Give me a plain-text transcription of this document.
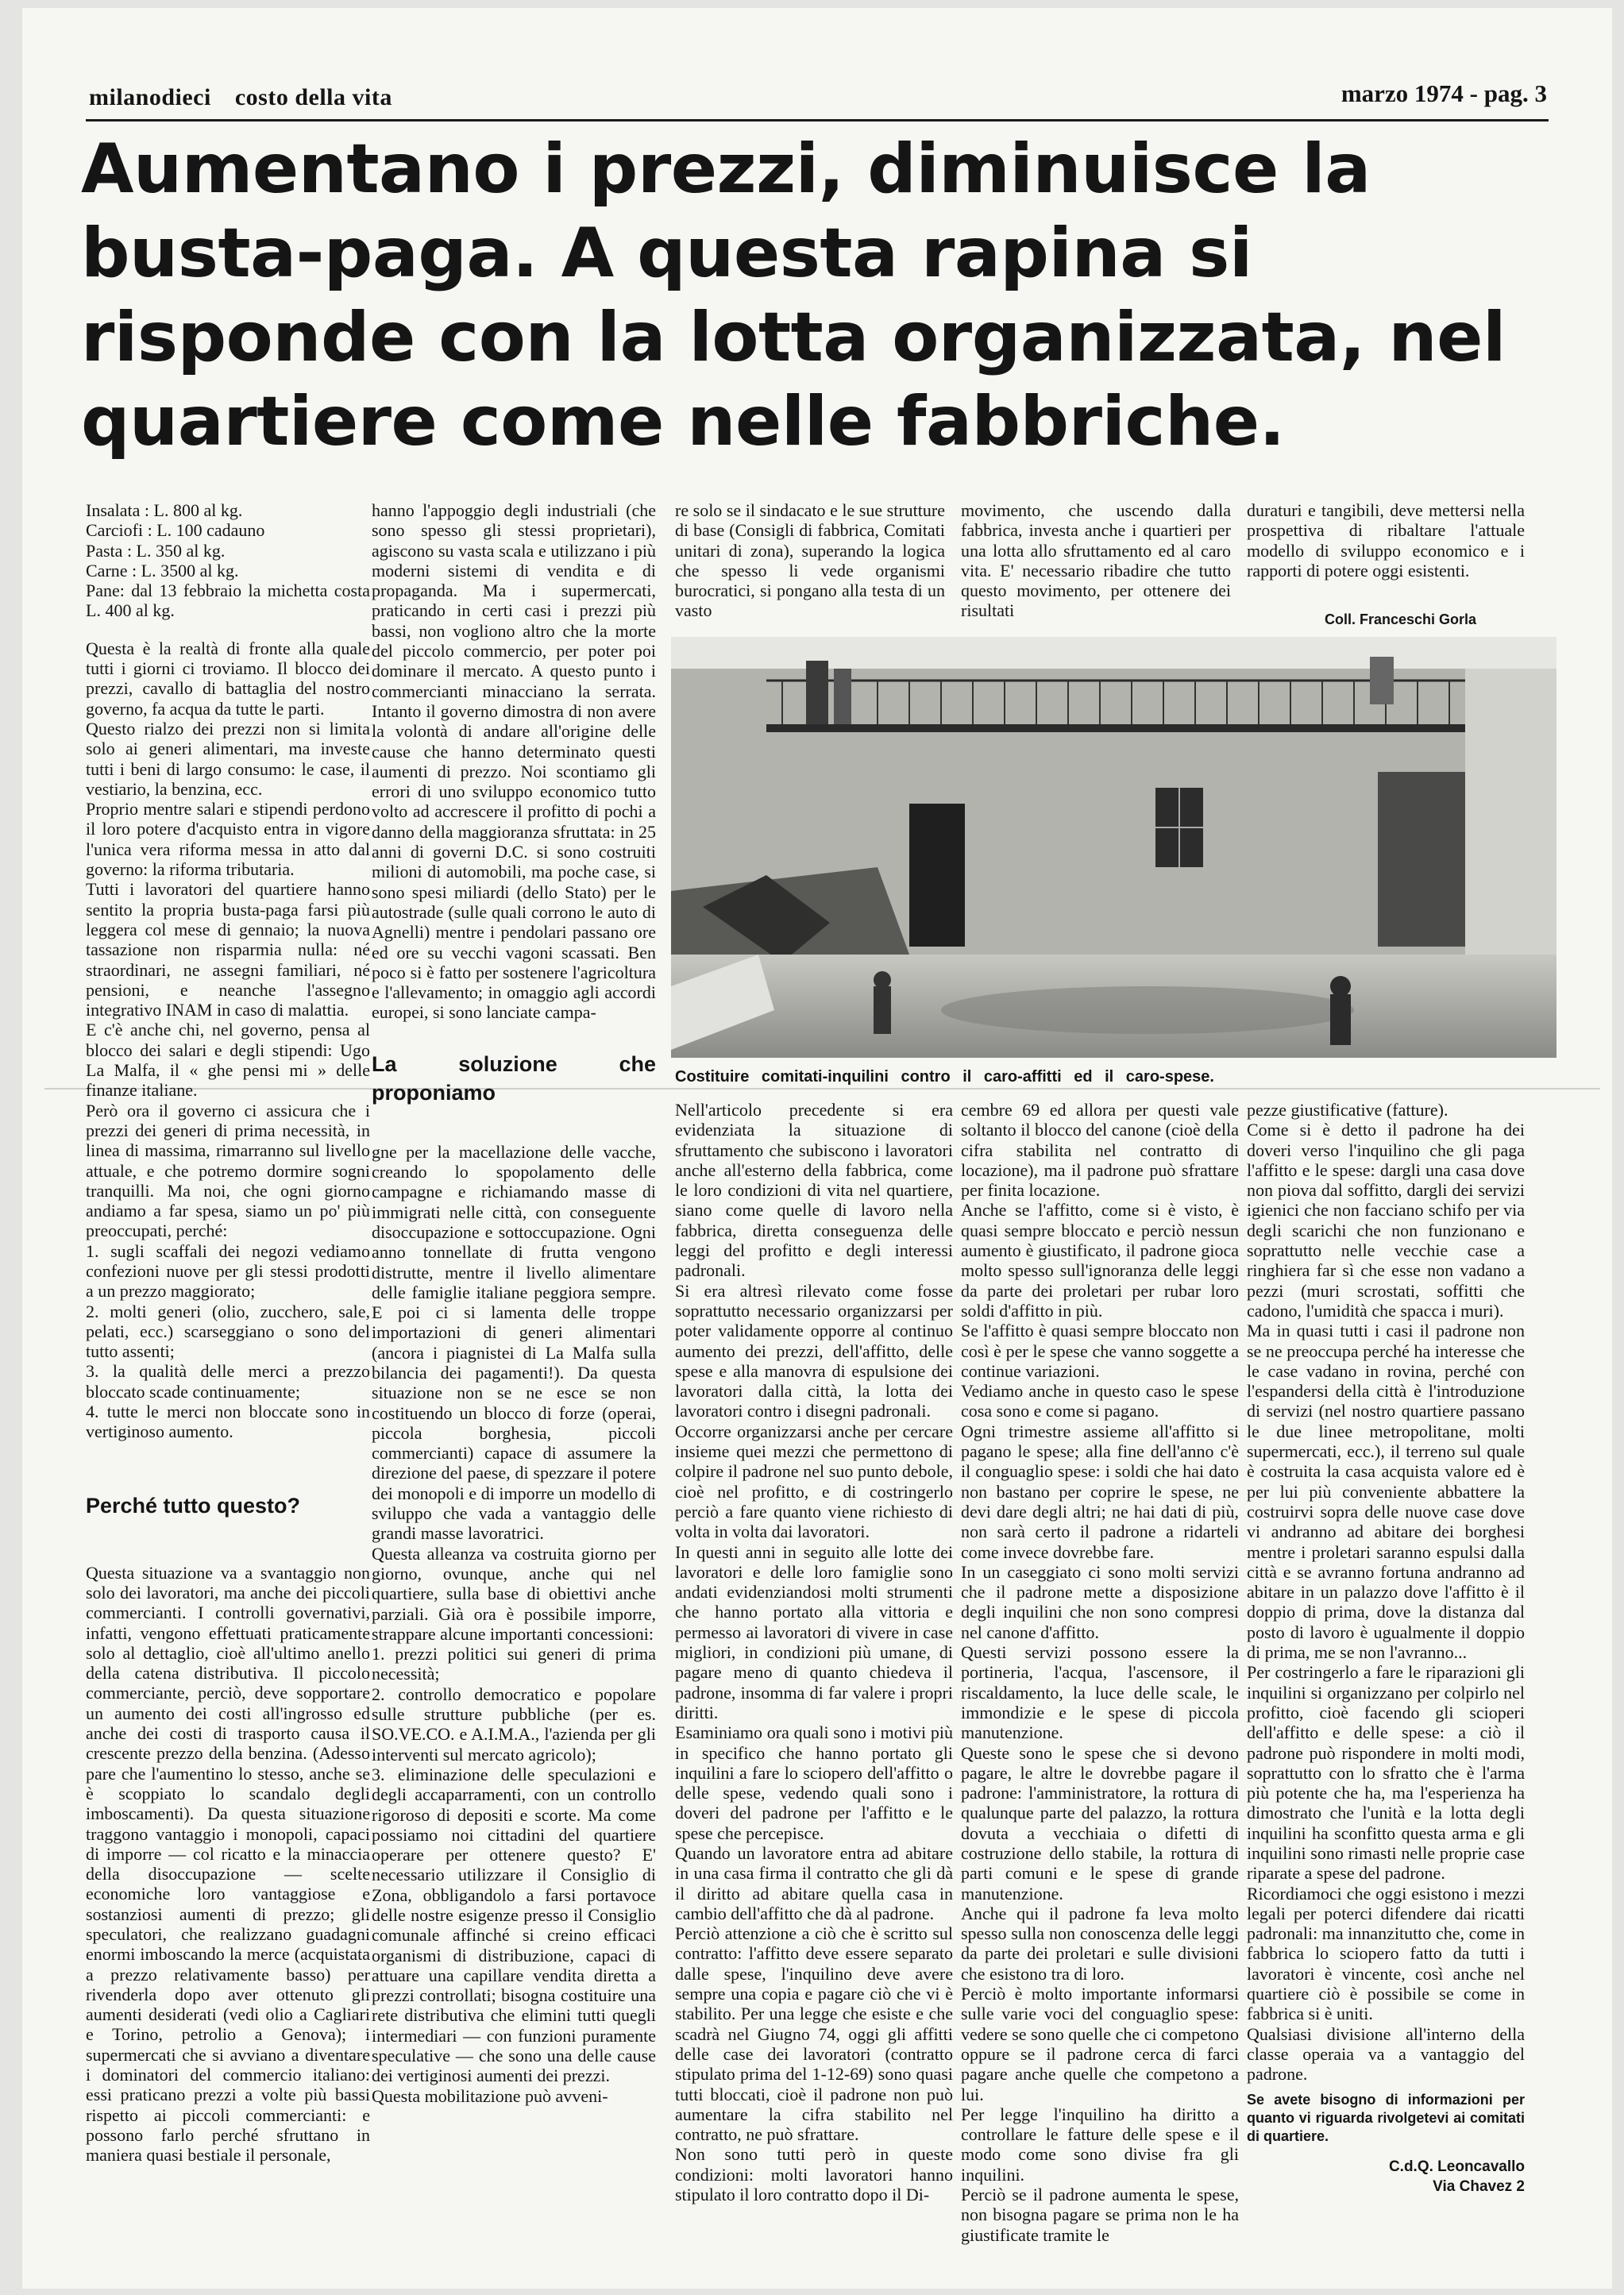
milanodieci costo della vita	marzo 1974 - pag. 3
Aumentano i prezzi, diminuisce la busta-paga. A questa rapina si risponde con la lotta organizzata, nel quartiere come nelle fabbriche.

Insalata : L. 800 al kg.

Carciofi : L. 100 cadauno

Pasta : L. 350 al kg.

Carne : L. 3500 al kg.

Pane: dal 13 febbraio la michetta costa L. 400 al kg.

Questa è la realtà di fronte alla quale tutti i giorni ci troviamo. Il blocco dei prezzi, cavallo di battaglia del nostro governo, fa acqua da tutte le parti.

Questo rialzo dei prezzi non si limita solo ai generi alimentari, ma investe tutti i beni di largo consumo: le case, il vestiario, la benzina, ecc.

Proprio mentre salari e stipendi perdono il loro potere d'acquisto entra in vigore l'unica vera riforma messa in atto dal governo: la riforma tributaria.

Tutti i lavoratori del quartiere hanno sentito la propria busta-paga farsi più leggera col mese di gennaio; la nuova tassazione non risparmia nulla: né straordinari, ne assegni familiari, né pensioni, e neanche l'assegno integrativo INAM in caso di malattia.

E c'è anche chi, nel governo, pensa al blocco dei salari e degli stipendi: Ugo La Malfa, il « ghe pensi mi » delle finanze italiane.

Però ora il governo ci assicura che i prezzi dei generi di prima necessità, in linea di massima, rimarranno sul livello attuale, e che potremo dormire sogni tranquilli. Ma noi, che ogni giorno andiamo a far spesa, siamo un po' più preoccupati, perché:

1. sugli scaffali dei negozi vediamo confezioni nuove per gli stessi prodotti a un prezzo maggiorato;

2. molti generi (olio, zucchero, sale, pelati, ecc.) scarseggiano o sono del tutto assenti;

3. la qualità delle merci a prezzo bloccato scade continuamente;

4. tutte le merci non bloccate sono in vertiginoso aumento.

Perché tutto questo?

Questa situazione va a svantaggio non solo dei lavoratori, ma anche dei piccoli commercianti. I controlli governativi, infatti, vengono effettuati praticamente solo al dettaglio, cioè all'ultimo anello della catena distributiva. Il piccolo commerciante, perciò, deve sopportare un aumento dei costi all'ingrosso ed anche dei costi di trasporto causa il crescente prezzo della benzina. (Adesso pare che l'aumentino lo stesso, anche se è scoppiato lo scandalo degli imboscamenti). Da questa situazione traggono vantaggio i monopoli, capaci di imporre — col ricatto e la minaccia della disoccupazione — scelte economiche loro vantaggiose e sostanziosi aumenti di prezzo; gli speculatori, che realizzano guadagni enormi imboscando la merce (acquistata a prezzo relativamente basso) per rivenderla dopo aver ottenuto gli aumenti desiderati (vedi olio a Cagliari e Torino, petrolio a Genova); i supermercati che si avviano a diventare i dominatori del commercio italiano: essi praticano prezzi a volte più bassi rispetto ai piccoli commercianti: e possono farlo perché sfruttano in maniera quasi bestiale il personale,

hanno l'appoggio degli industriali (che sono spesso gli stessi proprietari), agiscono su vasta scala e utilizzano i più moderni sistemi di vendita e di propaganda. Ma i supermercati, praticando in certi casi i prezzi più bassi, non vogliono altro che la morte del piccolo commercio, per poter poi dominare il mercato. A questo punto i commercianti minacciano la serrata. Intanto il governo dimostra di non avere la volontà di andare all'origine delle cause che hanno determinato questi aumenti di prezzo. Noi scontiamo gli errori di uno sviluppo economico tutto volto ad accrescere il profitto di pochi a danno della maggioranza sfruttata: in 25 anni di governi D.C. si sono costruiti milioni di automobili, ma poche case, si sono spesi miliardi (dello Stato) per le autostrade (sulle quali corrono le auto di Agnelli) mentre i pendolari passano ore ed ore su vecchi vagoni scassati. Ben poco si è fatto per sostenere l'agricoltura e l'allevamento; in omaggio agli accordi europei, si sono lanciate campa-

La soluzione che proponiamo

gne per la macellazione delle vacche, creando lo spopolamento delle campagne e richiamando masse di immigrati nelle città, con conseguente disoccupazione e sottoccupazione. Ogni anno tonnellate di frutta vengono distrutte, mentre il livello alimentare delle famiglie italiane peggiora sempre. E poi ci si lamenta delle troppe importazioni di generi alimentari (ancora i piagnistei di La Malfa sulla bilancia dei pagamenti!). Da questa situazione non se ne esce se non costituendo un blocco di forze (operai, piccola borghesia, piccoli commercianti) capace di assumere la direzione del paese, di spezzare il potere dei monopoli e di imporre un modello di sviluppo che vada a vantaggio delle grandi masse lavoratrici.

Questa alleanza va costruita giorno per giorno, ovunque, anche qui nel quartiere, sulla base di obiettivi anche parziali. Già ora è possibile imporre, strappare alcune importanti concessioni:

1. prezzi politici sui generi di prima necessità;

2. controllo democratico e popolare sulle strutture pubbliche (per es. SO.VE.CO. e A.I.M.A., l'azienda per gli interventi sul mercato agricolo);

3. eliminazione delle speculazioni e degli accaparramenti, con un controllo rigoroso di depositi e scorte. Ma come possiamo noi cittadini del quartiere operare per ottenere questo? E' necessario utilizzare il Consiglio di Zona, obbligandolo a farsi portavoce delle nostre esigenze presso il Consiglio comunale affinché si creino efficaci organismi di distribuzione, capaci di attuare una capillare vendita diretta a prezzi controllati; bisogna costituire una rete distributiva che elimini tutti quegli intermediari — con funzioni puramente speculative — che sono una delle cause dei vertiginosi aumenti dei prezzi.

Questa mobilitazione può avveni-

re solo se il sindacato e le sue strutture di base (Consigli di fabbrica, Comitati unitari di zona), superando la logica che spesso li vede organismi burocratici, si pongano alla testa di un vasto
movimento, che uscendo dalla fabbrica, investa anche i quartieri per una lotta allo sfruttamento ed al caro vita. E' necessario ribadire che tutto questo movimento, per ottenere dei risultati
duraturi e tangibili, deve mettersi nella prospettiva di ribaltare l'attuale modello di sviluppo economico e i rapporti di potere oggi esistenti.
Coll. Franceschi Gorla
Costituire comitati-inquilini contro il caro-affitti ed il caro-spese.

Nell'articolo precedente si era evidenziata la situazione di sfruttamento che subiscono i lavoratori anche all'esterno della fabbrica, come le loro condizioni di vita nel quartiere, siano come quelle di lavoro nella fabbrica, diretta conseguenza delle leggi del profitto e degli interessi padronali.

Si era altresì rilevato come fosse soprattutto necessario organizzarsi per poter validamente opporre al continuo aumento dei prezzi, dell'affitto, delle spese e alla manovra di espulsione dei lavoratori dalla città, la lotta dei lavoratori contro i disegni padronali.

Occorre organizzarsi anche per cercare insieme quei mezzi che permettono di colpire il padrone nel suo punto debole, cioè nel profitto, e di costringerlo perciò a fare quanto viene richiesto di volta in volta dai lavoratori.

In questi anni in seguito alle lotte dei lavoratori e delle loro famiglie sono andati evidenziandosi molti strumenti che hanno portato alla vittoria e permesso ai lavoratori di vivere in case migliori, in condizioni più umane, di pagare meno di quanto chiedeva il padrone, insomma di far valere i propri diritti.

Esaminiamo ora quali sono i motivi più in specifico che hanno portato gli inquilini a fare lo sciopero dell'affitto o delle spese, vedendo quali sono i doveri del padrone per l'affitto e le spese che percepisce.

Quando un lavoratore entra ad abitare in una casa firma il contratto che gli dà il diritto ad abitare quella casa in cambio dell'affitto che dà al padrone.

Perciò attenzione a ciò che è scritto sul contratto: l'affitto deve essere separato dalle spese, l'inquilino deve avere sempre una copia e pagare ciò che vi è stabilito. Per una legge che esiste e che scadrà nel Giugno 74, oggi gli affitti delle case dei lavoratori (contratto stipulato prima del 1-12-69) sono quasi tutti bloccati, cioè il padrone non può aumentare la cifra stabilito nel contratto, ne può sfrattare.

Non sono tutti però in queste condizioni: molti lavoratori hanno stipulato il loro contratto dopo il Di-

cembre 69 ed allora per questi vale soltanto il blocco del canone (cioè della cifra stabilita nel contratto di locazione), ma il padrone può sfrattare per finita locazione.

Anche se l'affitto, come si è visto, è quasi sempre bloccato e perciò nessun aumento è giustificato, il padrone gioca molto spesso sull'ignoranza delle leggi da parte dei proletari per rubar loro soldi d'affitto in più.

Se l'affitto è quasi sempre bloccato non così è per le spese che vanno soggette a continue variazioni.

Vediamo anche in questo caso le spese cosa sono e come si pagano.

Ogni trimestre assieme all'affitto si pagano le spese; alla fine dell'anno c'è il conguaglio spese: i soldi che hai dato non bastano per coprire le spese, ne devi dare degli altri; ne hai dati di più, non sarà certo il padrone a ridarteli come invece dovrebbe fare.

In un caseggiato ci sono molti servizi che il padrone mette a disposizione degli inquilini che non sono compresi nel canone d'affitto.

Questi servizi possono essere la portineria, l'acqua, l'ascensore, il riscaldamento, la luce delle scale, le immondizie e le spese di piccola manutenzione.

Queste sono le spese che si devono pagare, le altre le dovrebbe pagare il padrone: l'amministratore, la rottura di qualunque parte del palazzo, la rottura dovuta a vecchiaia o difetti di costruzione dello stabile, la rottura di parti comuni e le spese di grande manutenzione.

Anche qui il padrone fa leva molto spesso sulla non conoscenza delle leggi da parte dei proletari e sulle divisioni che esistono tra di loro.

Perciò è molto importante informarsi sulle varie voci del conguaglio spese: vedere se sono quelle che ci competono oppure se il padrone cerca di farci pagare anche quelle che competono a lui.

Per legge l'inquilino ha diritto a controllare le fatture delle spese e il modo come sono divise fra gli inquilini.

Perciò se il padrone aumenta le spese, non bisogna pagare se prima non le ha giustificate tramite le

pezze giustificative (fatture).

Come si è detto il padrone ha dei doveri verso l'inquilino che gli paga l'affitto e le spese: dargli una casa dove non piova dal soffitto, dargli dei servizi igienici che non facciano schifo per via degli scarichi che non funzionano e soprattutto nelle vecchie case a ringhiera far sì che esse non vadano a pezzi (muri scrostati, soffitti che cadono, l'umidità che spacca i muri).

Ma in quasi tutti i casi il padrone non se ne preoccupa perché ha interesse che le case vadano in rovina, perché con l'espandersi della città è l'introduzione di servizi (nel nostro quartiere passano le due linee metropolitane, molti supermercati, ecc.), il terreno sul quale è costruita la casa acquista valore ed è per lui più conveniente abbattere la costruirvi sopra delle nuove case dove vi andranno ad abitare dei borghesi mentre i proletari saranno espulsi dalla città e se avranno fortuna andranno ad abitare in un palazzo dove l'affitto è il doppio di prima, dove la distanza dal posto di lavoro è ugualmente il doppio di prima, me se non l'avranno...

Per costringerlo a fare le riparazioni gli inquilini si organizzano per colpirlo nel profitto, cioè facendo gli scioperi dell'affitto e delle spese: a ciò il padrone può rispondere in molti modi, soprattutto con lo sfratto che è l'arma più potente che ha, ma l'esperienza ha dimostrato che l'unità e la lotta degli inquilini ha sconfitto questa arma e gli inquilini sono rimasti nelle proprie case riparate a spese del padrone.

Ricordiamoci che oggi esistono i mezzi legali per poterci difendere dai ricatti padronali: ma innanzitutto che, come in fabbrica lo sciopero fatto da tutti i lavoratori è vincente, così anche nel quartiere ciò è possibile se come in fabbrica si è uniti.

Qualsiasi divisione all'interno della classe operaia va a vantaggio del padrone.

Se avete bisogno di informazioni per quanto vi riguarda rivolgetevi ai comitati di quartiere.
C.d.Q. Leoncavallo
Via Chavez 2
